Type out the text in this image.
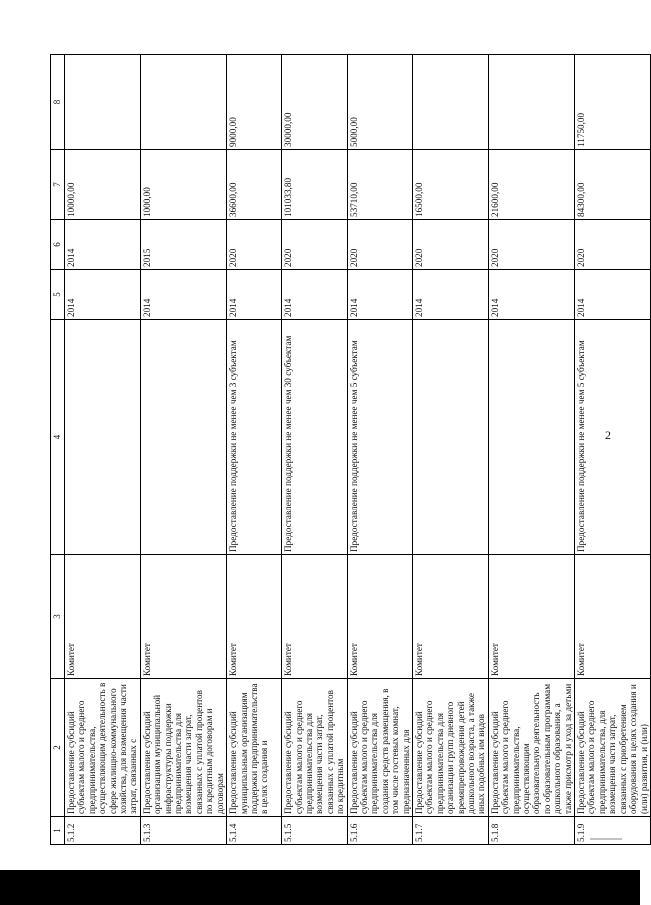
1	2	3	4	5	6	7	8
5.1.2	Предоставление субсидий субъектам малого и среднего предпринимательства, осуществляющим деятельность в сфере жилищно-коммунального хозяйства, для возмещения части затрат, связанных с	Комитет		2014	2014	10000,00	
5.1.3	Предоставление субсидий организациям муниципальной инфраструктуры поддержки предпринимательства для возмещения части затрат, связанных с уплатой процентов по кредитным договорам и договорам	Комитет		2014	2015	1000,00	
5.1.4	Предоставление субсидий муниципальным организациям поддержки предпринимательства в целях создания и	Комитет	Предоставление поддержки не менее чем 3 субъектам	2014	2020	36600,00	9000,00
5.1.5	Предоставление субсидий субъектам малого и среднего предпринимательства для возмещения части затрат, связанных с уплатой процентов по кредитным	Комитет	Предоставление поддержки не менее чем 30 субъектам	2014	2020	101033,80	30000,00
5.1.6	Предоставление субсидий субъектам малого и среднего предпринимательства для создания средств размещения, в том числе гостевых комнат, предназначенных для	Комитет	Предоставление поддержки не менее чем 5 субъектам	2014	2020	53710,00	5000,00
5.1.7	Предоставление субсидий субъектам малого и среднего предпринимательства для организации групп дневного времяпрепровождения детей дошкольного возраста, а также иных подобных им видов	Комитет		2014	2020	16500,00	
5.1.8	Предоставление субсидий субъектам малого и среднего предпринимательства, осуществляющим образовательную деятельность по образовательным программам дошкольного образования, а также присмотр и уход за детьми	Комитет		2014	2020	21600,00	
5.1.9	Предоставление субсидий субъектам малого и среднего предпринимательства, для возмещения части затрат, связанных с приобретением оборудования в целях создания и (или) развития, и (или)	Комитет	Предоставление поддержки не менее чем 5 субъектам	2014	2020	84300,00	11750,00
2
